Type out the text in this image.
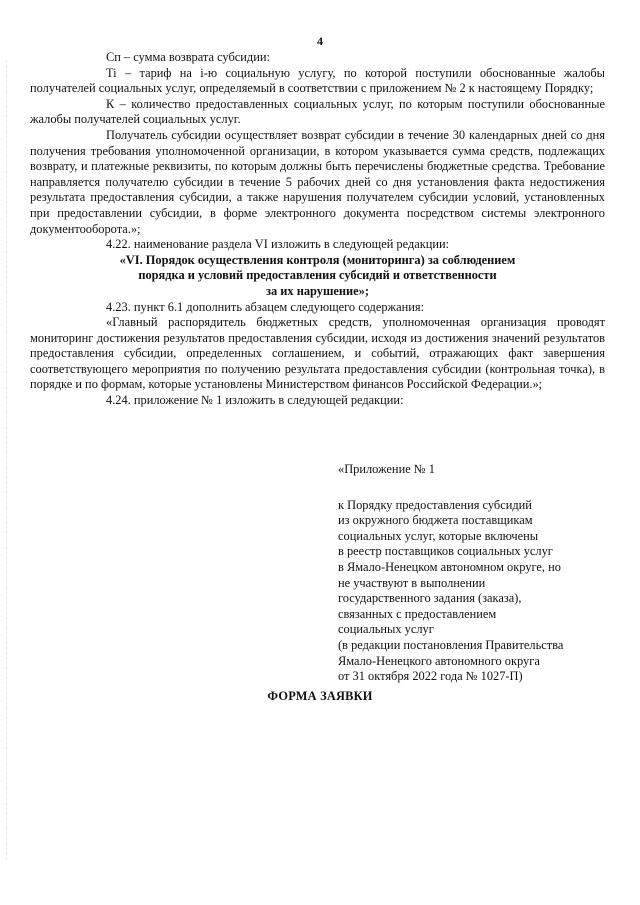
4

Сп – сумма возврата субсидии:

Ti – тариф на i-ю социальную услугу, по которой поступили обоснованные жалобы получателей социальных услуг, определяемый в соответствии с приложением № 2 к настоящему Порядку;

К – количество предоставленных социальных услуг, по которым поступили обоснованные жалобы получателей социальных услуг.

Получатель субсидии осуществляет возврат субсидии в течение 30 календарных дней со дня получения требования уполномоченной организации, в котором указывается сумма средств, подлежащих возврату, и платежные реквизиты, по которым должны быть перечислены бюджетные средства. Требование направляется получателю субсидии в течение 5 рабочих дней со дня установления факта недостижения результата предоставления субсидии, а также нарушения получателем субсидии условий, установленных при предоставлении субсидии, в форме электронного документа посредством системы электронного документооборота.»;

4.22. наименование раздела VI изложить в следующей редакции:

«VI. Порядок осуществления контроля (мониторинга) за соблюдением

порядка и условий предоставления субсидий и ответственности

за их нарушение»;

4.23. пункт 6.1 дополнить абзацем следующего содержания:

«Главный распорядитель бюджетных средств, уполномоченная организация проводят мониторинг достижения результатов предоставления субсидии, исходя из достижения значений результатов предоставления субсидии, определенных соглашением, и событий, отражающих факт завершения соответствующего мероприятия по получению результата предоставления субсидии (контрольная точка), в порядке и по формам, которые установлены Министерством финансов Российской Федерации.»;

4.24. приложение № 1 изложить в следующей редакции:

«Приложение № 1

к Порядку предоставления субсидий

из окружного бюджета поставщикам

социальных услуг, которые включены

в реестр поставщиков социальных услуг

в Ямало-Ненецком автономном округе, но

не участвуют в выполнении

государственного задания (заказа),

связанных с предоставлением

социальных услуг

(в редакции постановления Правительства

Ямало-Ненецкого автономного округа

от 31 октября 2022 года № 1027-П)

ФОРМА ЗАЯВКИ
